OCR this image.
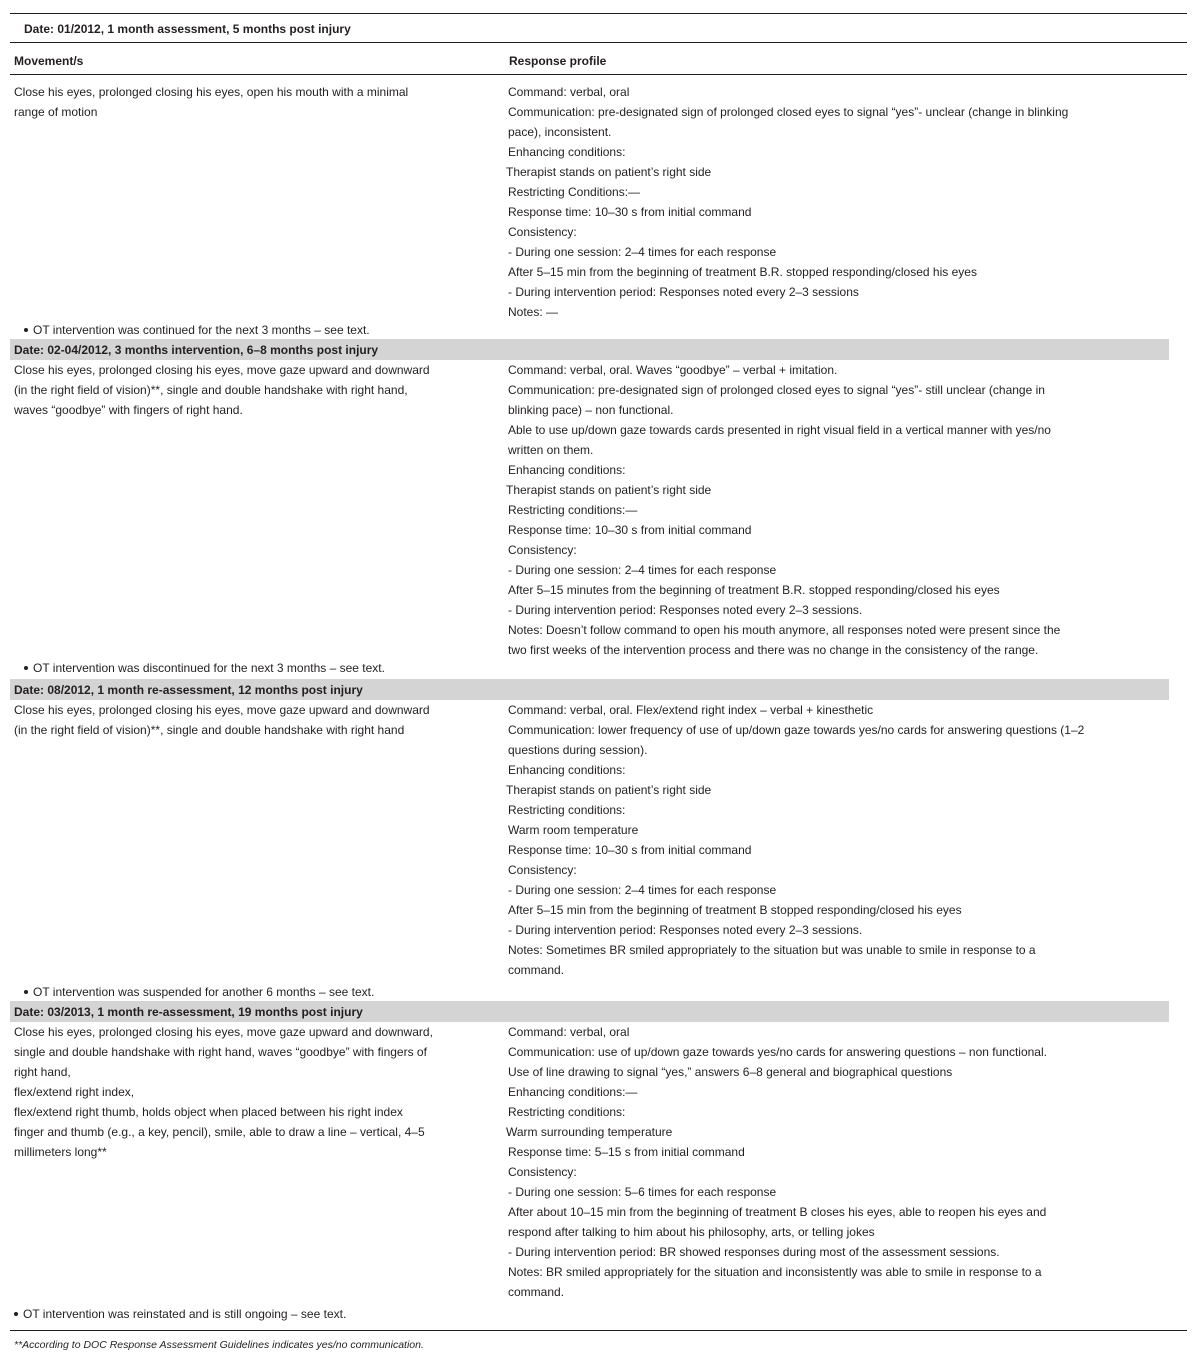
Date: 01/2012, 1 month assessment, 5 months post injury
Movement/s	Response profile
Close his eyes, prolonged closing his eyes, open his mouth with a minimal
range of motion
Command: verbal, oral
Communication: pre-designated sign of prolonged closed eyes to signal “yes”- unclear (change in blinking
pace), inconsistent.
Enhancing conditions:
Therapist stands on patient’s right side
Restricting Conditions:—
Response time: 10–30 s from initial command
Consistency:
- During one session: 2–4 times for each response
After 5–15 min from the beginning of treatment B.R. stopped responding/closed his eyes
- During intervention period: Responses noted every 2–3 sessions
Notes: —
OT intervention was continued for the next 3 months – see text.
Date: 02-04/2012, 3 months intervention, 6–8 months post injury
Close his eyes, prolonged closing his eyes, move gaze upward and downward
(in the right field of vision)**, single and double handshake with right hand,
waves “goodbye” with fingers of right hand.
Command: verbal, oral. Waves “goodbye” – verbal + imitation.
Communication: pre-designated sign of prolonged closed eyes to signal “yes”- still unclear (change in
blinking pace) – non functional.
Able to use up/down gaze towards cards presented in right visual field in a vertical manner with yes/no
written on them.
Enhancing conditions:
Therapist stands on patient’s right side
Restricting conditions:—
Response time: 10–30 s from initial command
Consistency:
- During one session: 2–4 times for each response
After 5–15 minutes from the beginning of treatment B.R. stopped responding/closed his eyes
- During intervention period: Responses noted every 2–3 sessions.
Notes: Doesn’t follow command to open his mouth anymore, all responses noted were present since the
two first weeks of the intervention process and there was no change in the consistency of the range.
OT intervention was discontinued for the next 3 months – see text.
Date: 08/2012, 1 month re-assessment, 12 months post injury
Close his eyes, prolonged closing his eyes, move gaze upward and downward
(in the right field of vision)**, single and double handshake with right hand
Command: verbal, oral. Flex/extend right index – verbal + kinesthetic
Communication: lower frequency of use of up/down gaze towards yes/no cards for answering questions (1–2
questions during session).
Enhancing conditions:
Therapist stands on patient’s right side
Restricting conditions:
Warm room temperature
Response time: 10–30 s from initial command
Consistency:
- During one session: 2–4 times for each response
After 5–15 min from the beginning of treatment B stopped responding/closed his eyes
- During intervention period: Responses noted every 2–3 sessions.
Notes: Sometimes BR smiled appropriately to the situation but was unable to smile in response to a
command.
OT intervention was suspended for another 6 months – see text.
Date: 03/2013, 1 month re-assessment, 19 months post injury
Close his eyes, prolonged closing his eyes, move gaze upward and downward,
single and double handshake with right hand, waves “goodbye” with fingers of
right hand,
flex/extend right index,
flex/extend right thumb, holds object when placed between his right index
finger and thumb (e.g., a key, pencil), smile, able to draw a line – vertical, 4–5
millimeters long**
Command: verbal, oral
Communication: use of up/down gaze towards yes/no cards for answering questions – non functional.
Use of line drawing to signal “yes,” answers 6–8 general and biographical questions
Enhancing conditions:—
Restricting conditions:
Warm surrounding temperature
Response time: 5–15 s from initial command
Consistency:
- During one session: 5–6 times for each response
After about 10–15 min from the beginning of treatment B closes his eyes, able to reopen his eyes and
respond after talking to him about his philosophy, arts, or telling jokes
- During intervention period: BR showed responses during most of the assessment sessions.
Notes: BR smiled appropriately for the situation and inconsistently was able to smile in response to a
command.
OT intervention was reinstated and is still ongoing – see text.
**According to DOC Response Assessment Guidelines indicates yes/no communication.
